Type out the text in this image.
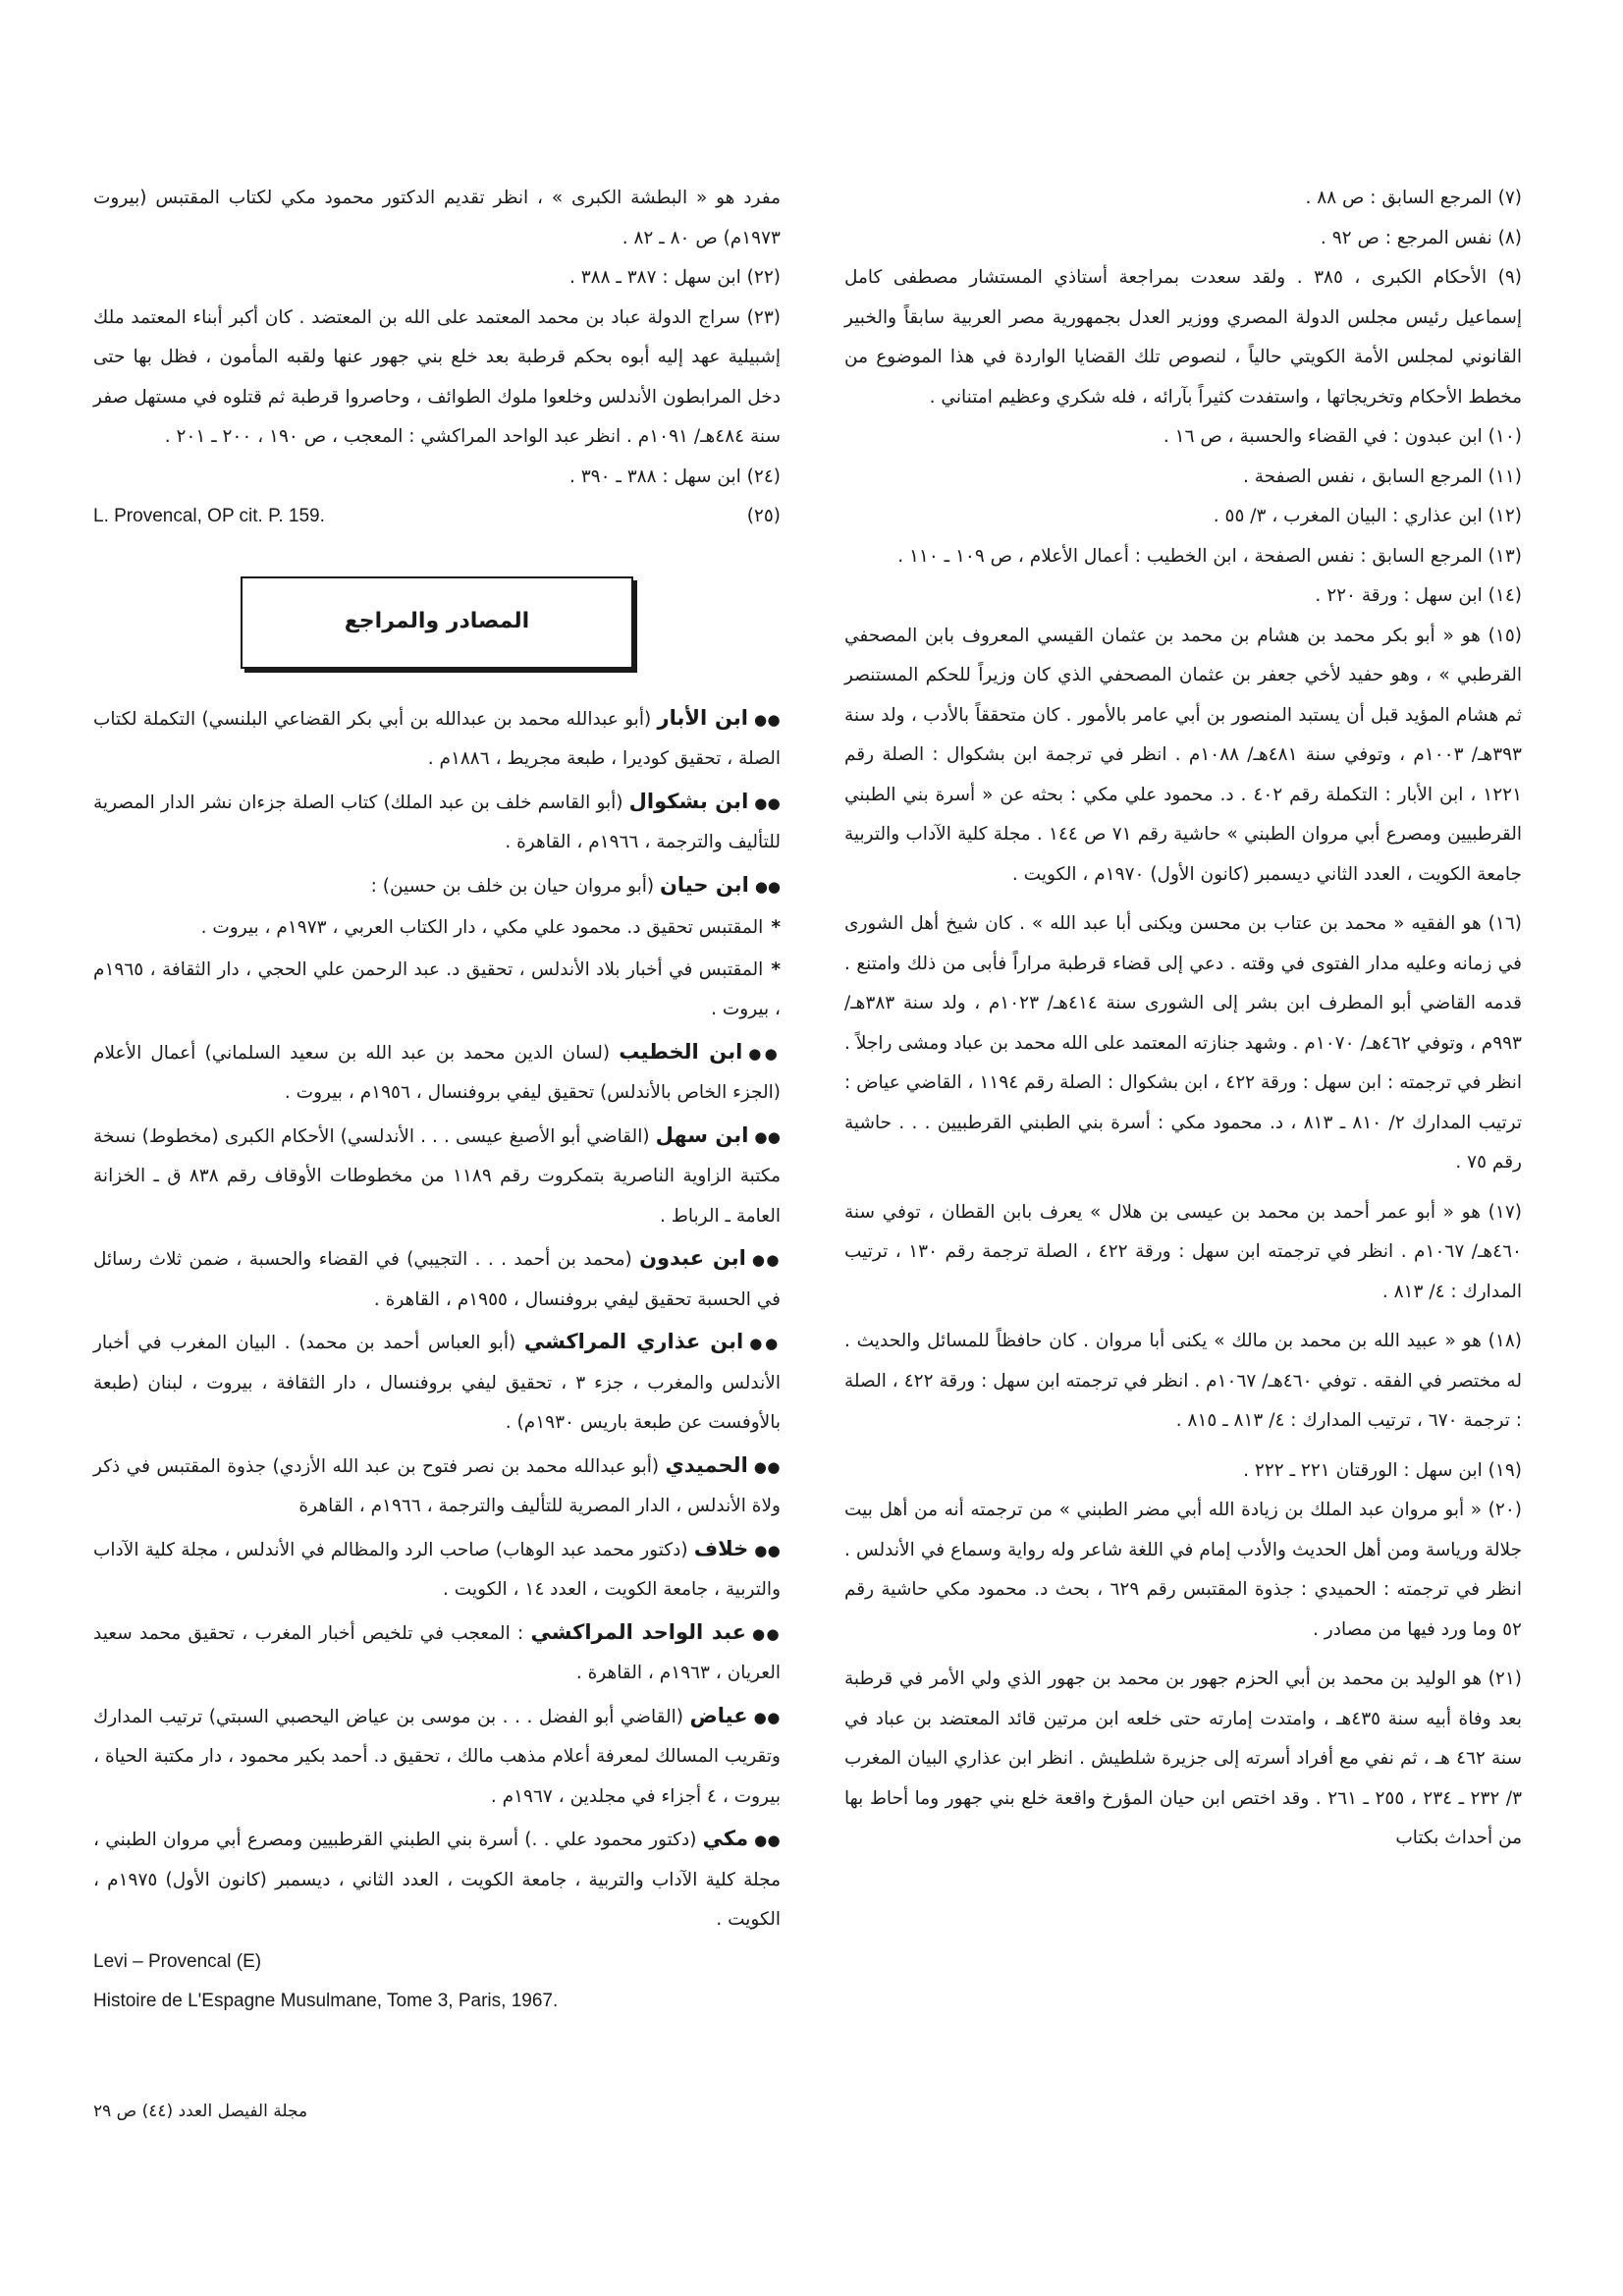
(٧) المرجع السابق : ص ٨٨ .

(٨) نفس المرجع : ص ٩٢ .

(٩) الأحكام الكبرى ، ٣٨٥ . ولقد سعدت بمراجعة أستاذي المستشار مصطفى كامل إسماعيل رئيس مجلس الدولة المصري ووزير العدل بجمهورية مصر العربية سابقاً والخبير القانوني لمجلس الأمة الكويتي حالياً ، لنصوص تلك القضايا الواردة في هذا الموضوع من مخطط الأحكام وتخريجاتها ، واستفدت كثيراً بآرائه ، فله شكري وعظيم امتناني .

(١٠) ابن عبدون : في القضاء والحسبة ، ص ١٦ .

(١١) المرجع السابق ، نفس الصفحة .

(١٢) ابن عذاري : البيان المغرب ، ٣/ ٥٥ .

(١٣) المرجع السابق : نفس الصفحة ، ابن الخطيب : أعمال الأعلام ، ص ١٠٩ ـ ١١٠ .

(١٤) ابن سهل : ورقة ٢٢٠ .

(١٥) هو « أبو بكر محمد بن هشام بن محمد بن عثمان القيسي المعروف بابن المصحفي القرطبي » ، وهو حفيد لأخي جعفر بن عثمان المصحفي الذي كان وزيراً للحكم المستنصر ثم هشام المؤيد قبل أن يستبد المنصور بن أبي عامر بالأمور . كان متحققاً بالأدب ، ولد سنة ٣٩٣هـ/ ١٠٠٣م ، وتوفي سنة ٤٨١هـ/ ١٠٨٨م . انظر في ترجمة ابن بشكوال : الصلة رقم ١٢٢١ ، ابن الأبار : التكملة رقم ٤٠٢ . د. محمود علي مكي : بحثه عن « أسرة بني الطبني القرطبيين ومصرع أبي مروان الطبني » حاشية رقم ٧١ ص ١٤٤ . مجلة كلية الآداب والتربية جامعة الكويت ، العدد الثاني ديسمبر (كانون الأول) ١٩٧٠م ، الكويت .

(١٦) هو الفقيه « محمد بن عتاب بن محسن ويكنى أبا عبد الله » . كان شيخ أهل الشورى في زمانه وعليه مدار الفتوى في وقته . دعي إلى قضاء قرطبة مراراً فأبى من ذلك وامتنع . قدمه القاضي أبو المطرف ابن بشر إلى الشورى سنة ٤١٤هـ/ ١٠٢٣م ، ولد سنة ٣٨٣هـ/ ٩٩٣م ، وتوفي ٤٦٢هـ/ ١٠٧٠م . وشهد جنازته المعتمد على الله محمد بن عباد ومشى راجلاً . انظر في ترجمته : ابن سهل : ورقة ٤٢٢ ، ابن بشكوال : الصلة رقم ١١٩٤ ، القاضي عياض : ترتيب المدارك ٢/ ٨١٠ ـ ٨١٣ ، د. محمود مكي : أسرة بني الطبني القرطبيين . . . حاشية رقم ٧٥ .

(١٧) هو « أبو عمر أحمد بن محمد بن عيسى بن هلال » يعرف بابن القطان ، توفي سنة ٤٦٠هـ/ ١٠٦٧م . انظر في ترجمته ابن سهل : ورقة ٤٢٢ ، الصلة ترجمة رقم ١٣٠ ، ترتيب المدارك : ٤/ ٨١٣ .

(١٨) هو « عبيد الله بن محمد بن مالك » يكنى أبا مروان . كان حافظاً للمسائل والحديث . له مختصر في الفقه . توفي ٤٦٠هـ/ ١٠٦٧م . انظر في ترجمته ابن سهل : ورقة ٤٢٢ ، الصلة : ترجمة ٦٧٠ ، ترتيب المدارك : ٤/ ٨١٣ ـ ٨١٥ .

(١٩) ابن سهل : الورقتان ٢٢١ ـ ٢٢٢ .

(٢٠) « أبو مروان عبد الملك بن زيادة الله أبي مضر الطبني » من ترجمته أنه من أهل بيت جلالة ورياسة ومن أهل الحديث والأدب إمام في اللغة شاعر وله رواية وسماع في الأندلس . انظر في ترجمته : الحميدي : جذوة المقتبس رقم ٦٢٩ ، بحث د. محمود مكي حاشية رقم ٥٢ وما ورد فيها من مصادر .

(٢١) هو الوليد بن محمد بن أبي الحزم جهور بن محمد بن جهور الذي ولي الأمر في قرطبة بعد وفاة أبيه سنة ٤٣٥هـ ، وامتدت إمارته حتى خلعه ابن مرتين قائد المعتضد بن عباد في سنة ٤٦٢ هـ ، ثم نفي مع أفراد أسرته إلى جزيرة شلطيش . انظر ابن عذاري البيان المغرب ٣/ ٢٣٢ ـ ٢٣٤ ، ٢٥٥ ـ ٢٦١ . وقد اختص ابن حيان المؤرخ واقعة خلع بني جهور وما أحاط بها من أحداث بكتاب

مفرد هو « البطشة الكبرى » ، انظر تقديم الدكتور محمود مكي لكتاب المقتبس (بيروت ١٩٧٣م) ص ٨٠ ـ ٨٢ .

(٢٢) ابن سهل : ٣٨٧ ـ ٣٨٨ .

(٢٣) سراج الدولة عباد بن محمد المعتمد على الله بن المعتضد . كان أكبر أبناء المعتمد ملك إشبيلية عهد إليه أبوه بحكم قرطبة بعد خلع بني جهور عنها ولقبه المأمون ، فظل بها حتى دخل المرابطون الأندلس وخلعوا ملوك الطوائف ، وحاصروا قرطبة ثم قتلوه في مستهل صفر سنة ٤٨٤هـ/ ١٠٩١م . انظر عبد الواحد المراكشي : المعجب ، ص ١٩٠ ، ٢٠٠ ـ ٢٠١ .

(٢٤) ابن سهل : ٣٨٨ ـ ٣٩٠ .

(٢٥)
L. Provencal, OP cit. P. 159.
المصادر والمراجع

●●ابن الأبار (أبو عبدالله محمد بن عبدالله بن أبي بكر القضاعي البلنسي) التكملة لكتاب الصلة ، تحقيق كوديرا ، طبعة مجريط ، ١٨٨٦م .

●●ابن بشكوال (أبو القاسم خلف بن عبد الملك) كتاب الصلة جزءان نشر الدار المصرية للتأليف والترجمة ، ١٩٦٦م ، القاهرة .

●●ابن حيان (أبو مروان حيان بن خلف بن حسين) :

*المقتبس تحقيق د. محمود علي مكي ، دار الكتاب العربي ، ١٩٧٣م ، بيروت .

*المقتبس في أخبار بلاد الأندلس ، تحقيق د. عبد الرحمن علي الحجي ، دار الثقافة ، ١٩٦٥م ، بيروت .

●●ابن الخطيب (لسان الدين محمد بن عبد الله بن سعيد السلماني) أعمال الأعلام (الجزء الخاص بالأندلس) تحقيق ليفي بروفنسال ، ١٩٥٦م ، بيروت .

●●ابن سهل (القاضي أبو الأصبغ عيسى . . . الأندلسي) الأحكام الكبرى (مخطوط) نسخة مكتبة الزاوية الناصرية بتمكروت رقم ١١٨٩ من مخطوطات الأوقاف رقم ٨٣٨ ق ـ الخزانة العامة ـ الرباط .

●●ابن عبدون (محمد بن أحمد . . . التجيبي) في القضاء والحسبة ، ضمن ثلاث رسائل في الحسبة تحقيق ليفي بروفنسال ، ١٩٥٥م ، القاهرة .

●●ابن عذاري المراكشي (أبو العباس أحمد بن محمد) . البيان المغرب في أخبار الأندلس والمغرب ، جزء ٣ ، تحقيق ليفي بروفنسال ، دار الثقافة ، بيروت ، لبنان (طبعة بالأوفست عن طبعة باريس ١٩٣٠م) .

●●الحميدي (أبو عبدالله محمد بن نصر فتوح بن عبد الله الأزدي) جذوة المقتبس في ذكر ولاة الأندلس ، الدار المصرية للتأليف والترجمة ، ١٩٦٦م ، القاهرة

●●خلاف (دكتور محمد عبد الوهاب) صاحب الرد والمظالم في الأندلس ، مجلة كلية الآداب والتربية ، جامعة الكويت ، العدد ١٤ ، الكويت .

●●عبد الواحد المراكشي : المعجب في تلخيص أخبار المغرب ، تحقيق محمد سعيد العريان ، ١٩٦٣م ، القاهرة .

●●عياض (القاضي أبو الفضل . . . بن موسى بن عياض اليحصبي السبتي) ترتيب المدارك وتقريب المسالك لمعرفة أعلام مذهب مالك ، تحقيق د. أحمد بكير محمود ، دار مكتبة الحياة ، بيروت ، ٤ أجزاء في مجلدين ، ١٩٦٧م .

●●مكي (دكتور محمود علي . .) أسرة بني الطبني القرطبيين ومصرع أبي مروان الطبني ، مجلة كلية الآداب والتربية ، جامعة الكويت ، العدد الثاني ، ديسمبر (كانون الأول) ١٩٧٥م ، الكويت .

Levi – Provencal (E)

Histoire de L'Espagne Musulmane, Tome 3, Paris, 1967.

مجلة الفيصل العدد (٤٤) ص ٢٩
